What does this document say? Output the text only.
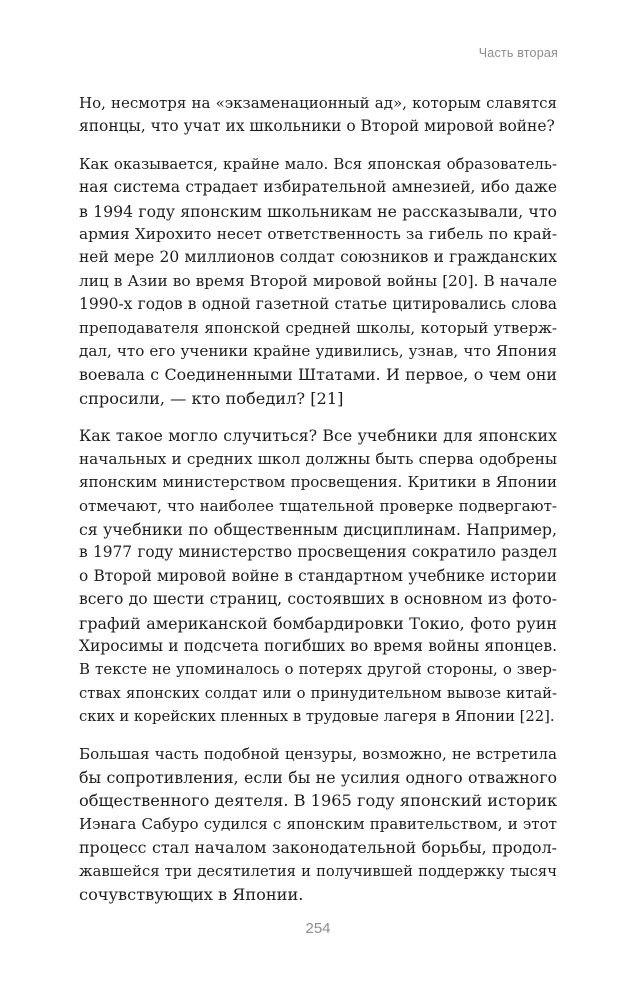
Часть вторая
Но, несмотря на «экзаменационный ад», которым славятся
японцы, что учат их школьники о Второй мировой войне?
Как оказывается, крайне мало. Вся японская образователь-
ная система страдает избирательной амнезией, ибо даже
в 1994 году японским школьникам не рассказывали, что
армия Хирохито несет ответственность за гибель по край-
ней мере 20 миллионов солдат союзников и гражданских
лиц в Азии во время Второй мировой войны [20]. В начале
1990-х годов в одной газетной статье цитировались слова
преподавателя японской средней школы, который утверж-
дал, что его ученики крайне удивились, узнав, что Япония
воевала с Соединенными Штатами. И первое, о чем они
спросили, — кто победил? [21]
Как такое могло случиться? Все учебники для японских
начальных и средних школ должны быть сперва одобрены
японским министерством просвещения. Критики в Японии
отмечают, что наиболее тщательной проверке подвергают-
ся учебники по общественным дисциплинам. Например,
в 1977 году министерство просвещения сократило раздел
о Второй мировой войне в стандартном учебнике истории
всего до шести страниц, состоявших в основном из фото-
графий американской бомбардировки Токио, фото руин
Хиросимы и подсчета погибших во время войны японцев.
В тексте не упоминалось о потерях другой стороны, о звер-
ствах японских солдат или о принудительном вывозе китай-
ских и корейских пленных в трудовые лагеря в Японии [22].
Большая часть подобной цензуры, возможно, не встретила
бы сопротивления, если бы не усилия одного отважного
общественного деятеля. В 1965 году японский историк
Иэнага Сабуро судился с японским правительством, и этот
процесс стал началом законодательной борьбы, продол-
жавшейся три десятилетия и получившей поддержку тысяч
сочувствующих в Японии.
254
